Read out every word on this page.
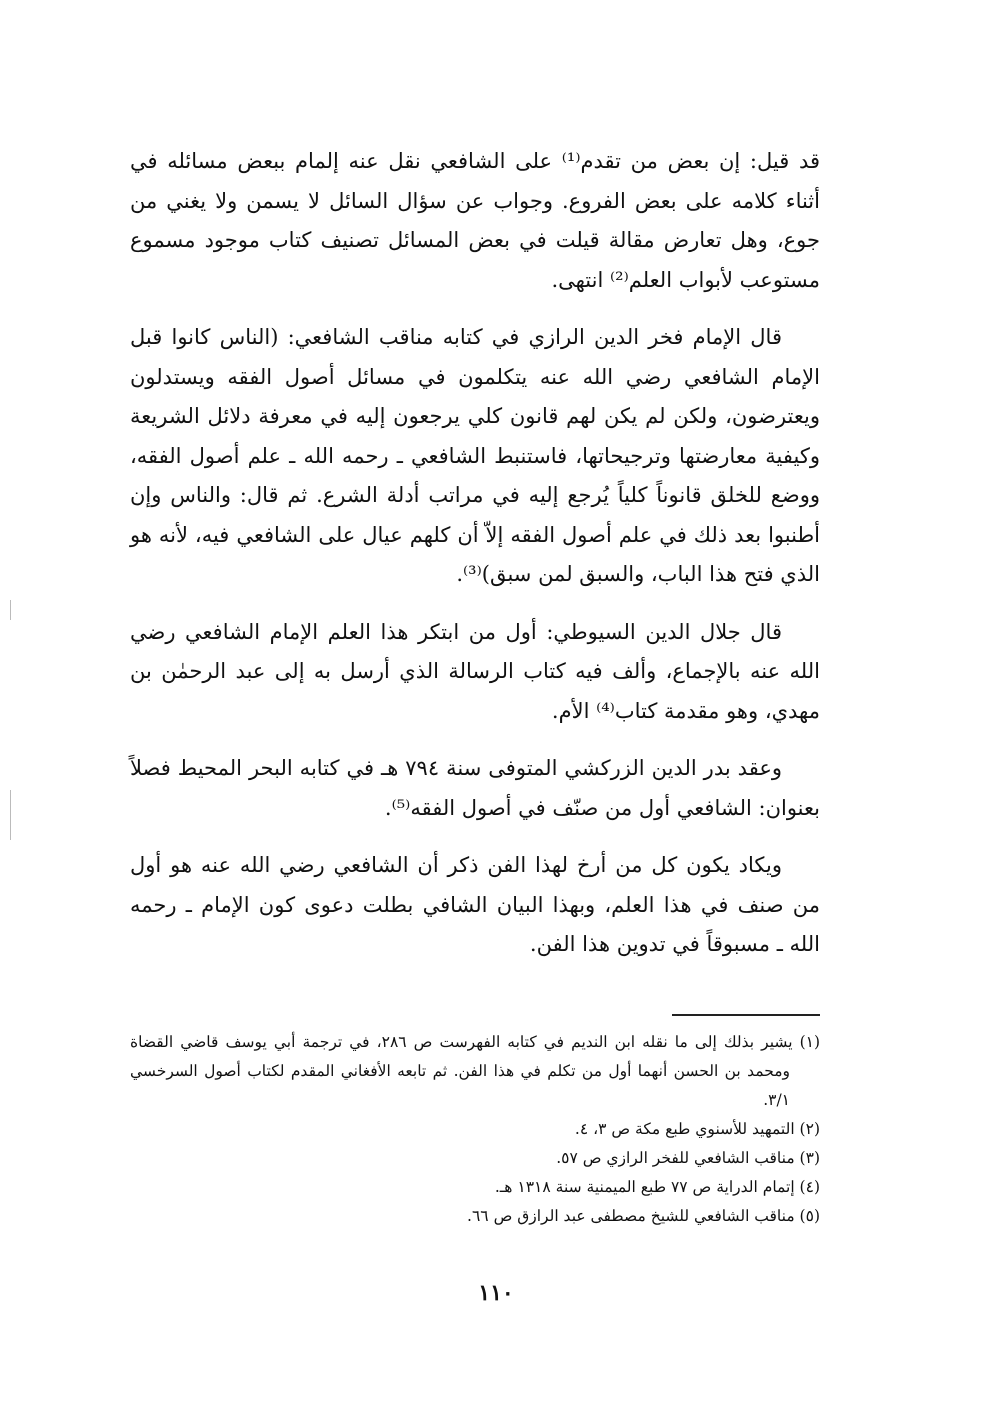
قد قيل: إن بعض من تقدم⁽¹⁾ على الشافعي نقل عنه إلمام ببعض مسائله في أثناء كلامه على بعض الفروع. وجواب عن سؤال السائل لا يسمن ولا يغني من جوع، وهل تعارض مقالة قيلت في بعض المسائل تصنيف كتاب موجود مسموع مستوعب لأبواب العلم⁽²⁾ انتهى.

قال الإمام فخر الدين الرازي في كتابه مناقب الشافعي: (الناس كانوا قبل الإمام الشافعي رضي الله عنه يتكلمون في مسائل أصول الفقه ويستدلون ويعترضون، ولكن لم يكن لهم قانون كلي يرجعون إليه في معرفة دلائل الشريعة وكيفية معارضتها وترجيحاتها، فاستنبط الشافعي ـ رحمه الله ـ علم أصول الفقه، ووضع للخلق قانوناً كلياً يُرجع إليه في مراتب أدلة الشرع. ثم قال: والناس وإن أطنبوا بعد ذلك في علم أصول الفقه إلاّ أن كلهم عيال على الشافعي فيه، لأنه هو الذي فتح هذا الباب، والسبق لمن سبق)⁽³⁾.

قال جلال الدين السيوطي: أول من ابتكر هذا العلم الإمام الشافعي رضي الله عنه بالإجماع، وألف فيه كتاب الرسالة الذي أرسل به إلى عبد الرحمٰن بن مهدي، وهو مقدمة كتاب⁽⁴⁾ الأم.

وعقد بدر الدين الزركشي المتوفى سنة ٧٩٤ هـ في كتابه البحر المحيط فصلاً بعنوان: الشافعي أول من صنّف في أصول الفقه⁽⁵⁾.

ويكاد يكون كل من أرخ لهذا الفن ذكر أن الشافعي رضي الله عنه هو أول من صنف في هذا العلم، وبهذا البيان الشافي بطلت دعوى كون الإمام ـ رحمه الله ـ مسبوقاً في تدوين هذا الفن.

(١) يشير بذلك إلى ما نقله ابن النديم في كتابه الفهرست ص ٢٨٦، في ترجمة أبي يوسف قاضي القضاة ومحمد بن الحسن أنهما أول من تكلم في هذا الفن. ثم تابعه الأفغاني المقدم لكتاب أصول السرخسي ٣/١.

(٢) التمهيد للأسنوي طبع مكة ص ٣، ٤.

(٣) مناقب الشافعي للفخر الرازي ص ٥٧.

(٤) إتمام الدراية ص ٧٧ طبع الميمنية سنة ١٣١٨ هـ.

(٥) مناقب الشافعي للشيخ مصطفى عبد الرازق ص ٦٦.

١١٠
